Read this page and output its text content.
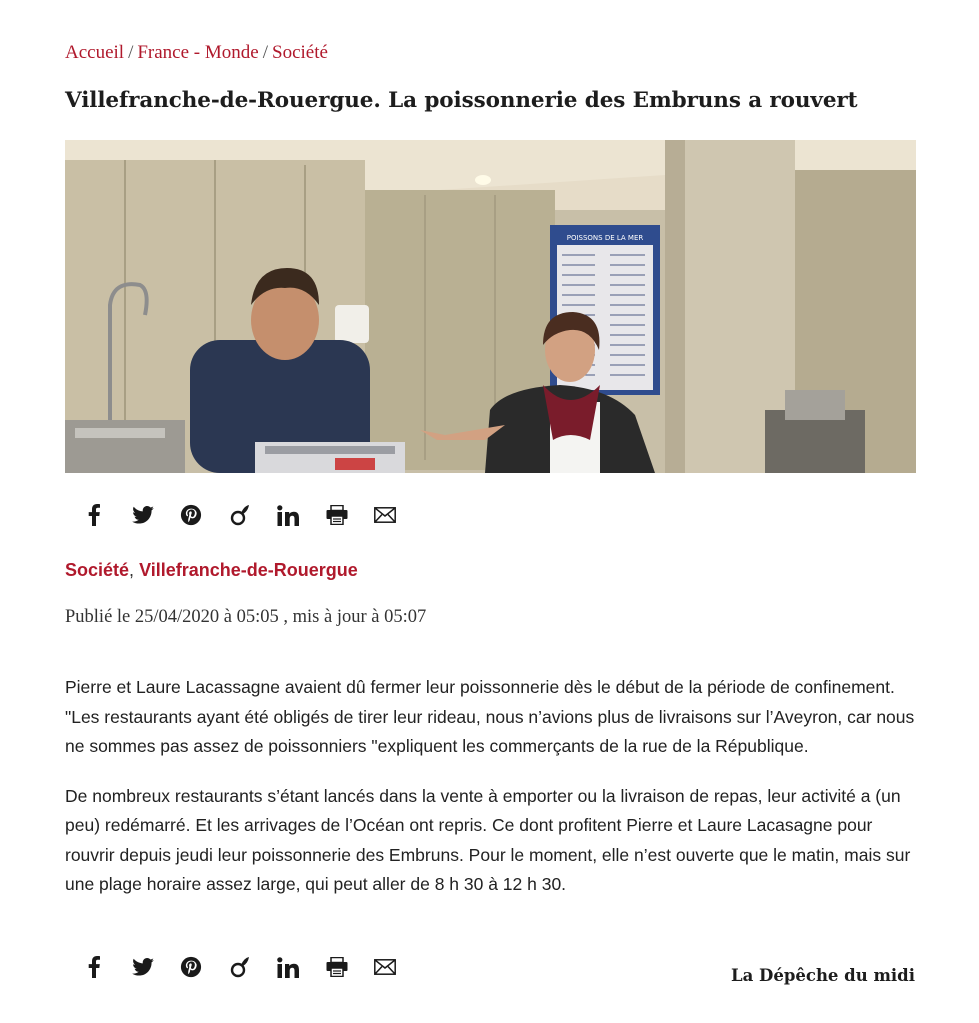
Accueil / France - Monde / Société
Villefranche-de-Rouergue. La poissonnerie des Embruns a rouvert
POISSONS DE LA MER
Société, Villefranche-de-Rouergue
Publié le 25/04/2020 à 05:05 , mis à jour à 05:07

Pierre et Laure Lacassagne avaient dû fermer leur poissonnerie dès le début de la période de confinement. "Les restaurants ayant été obligés de tirer leur rideau, nous n’avions plus de livraisons sur l’Aveyron, car nous ne sommes pas assez de poissonniers "expliquent les commerçants de la rue de la République.

De nombreux restaurants s’étant lancés dans la vente à emporter ou la livraison de repas, leur activité a (un peu) redémarré. Et les arrivages de l’Océan ont repris. Ce dont profitent Pierre et Laure Lacasagne pour rouvrir depuis jeudi leur poissonnerie des Embruns. Pour le moment, elle n’est ouverte que le matin, mais sur une plage horaire assez large, qui peut aller de 8 h 30 à 12 h 30.

La Dépêche du midi
